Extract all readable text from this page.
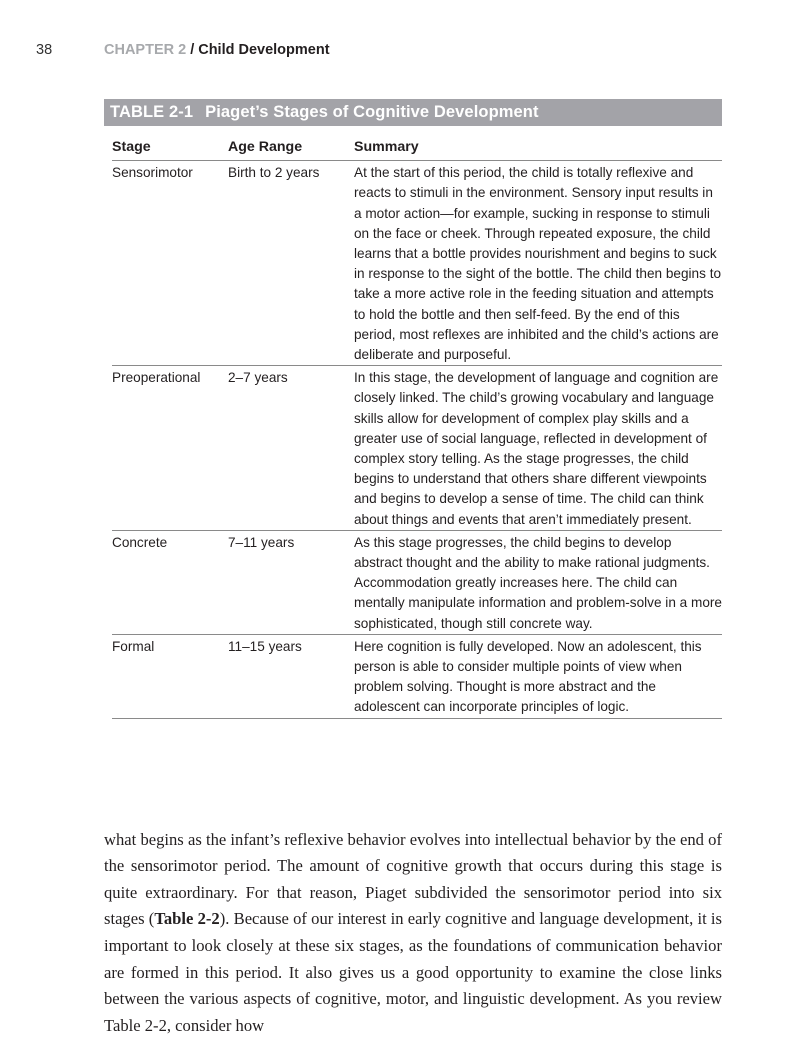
38	CHAPTER 2 / Child Development
TABLE 2-1 Piaget’s Stages of Cognitive Development
Stage	Age Range	Summary
Sensorimotor	Birth to 2 years	At the start of this period, the child is totally reflexive and reacts to stimuli in the environment. Sensory input results in a motor action—for example, sucking in response to stimuli on the face or cheek. Through repeated exposure, the child learns that a bottle provides nourishment and begins to suck in response to the sight of the bottle. The child then begins to take a more active role in the feeding situation and attempts to hold the bottle and then self-feed. By the end of this period, most reflexes are inhibited and the child’s actions are deliberate and purposeful.
Preoperational	2–7 years	In this stage, the development of language and cognition are closely linked. The child’s growing vocabulary and language skills allow for development of complex play skills and a greater use of social language, reflected in development of complex story telling. As the stage progresses, the child begins to understand that others share different viewpoints and begins to develop a sense of time. The child can think about things and events that aren’t immediately present.
Concrete	7–11 years	As this stage progresses, the child begins to develop abstract thought and the ability to make rational judgments. Accommodation greatly increases here. The child can mentally manipulate information and problem-solve in a more sophisticated, though still concrete way.
Formal	11–15 years	Here cognition is fully developed. Now an adolescent, this person is able to consider multiple points of view when problem solving. Thought is more abstract and the adolescent can incorporate principles of logic.

what begins as the infant’s reflexive behavior evolves into intellectual behavior by the end of the sensorimotor period. The amount of cognitive growth that occurs during this stage is quite extraordinary. For that reason, Piaget subdivided the sensorimotor period into six stages (Table 2-2). Because of our interest in early cognitive and language development, it is important to look closely at these six stages, as the foundations of communication behavior are formed in this period. It also gives us a good opportunity to examine the close links between the various aspects of cognitive, motor, and linguistic development. As you review Table 2-2, consider how
